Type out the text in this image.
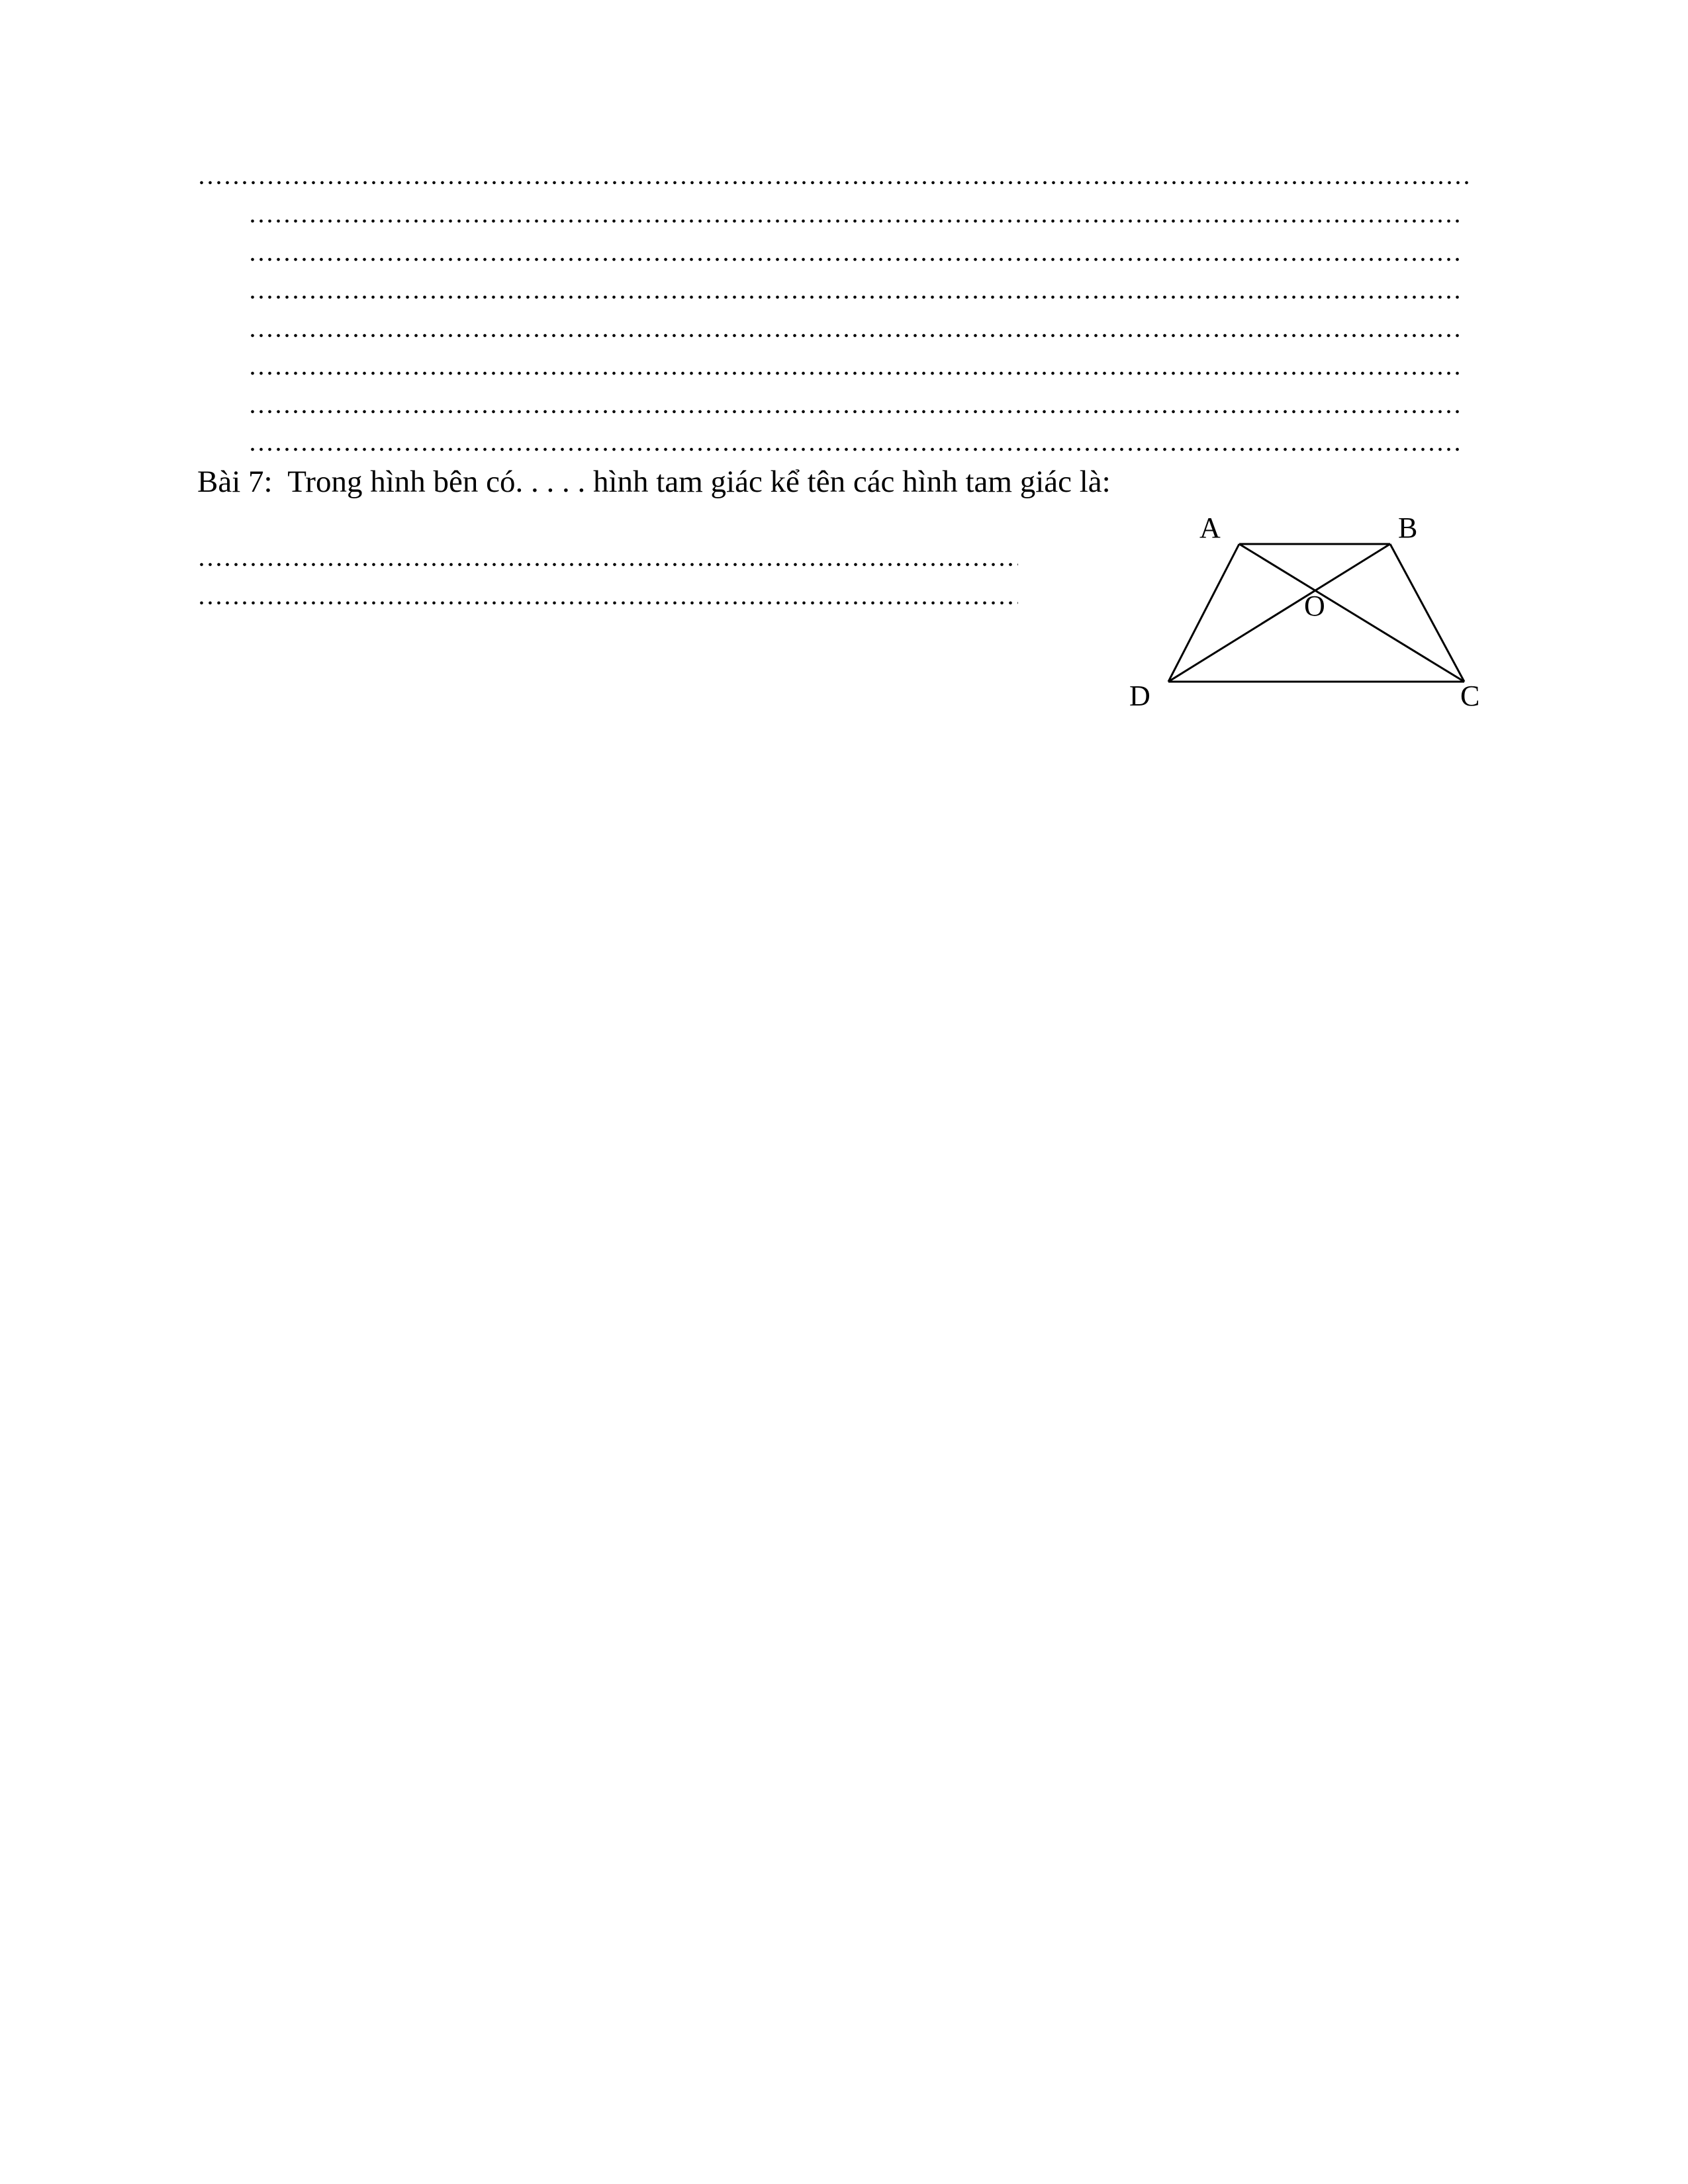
Bài 7: Trong hình bên có. . . . . hình tam giác kể tên các hình tam giác là:
A	B
O
D	C
